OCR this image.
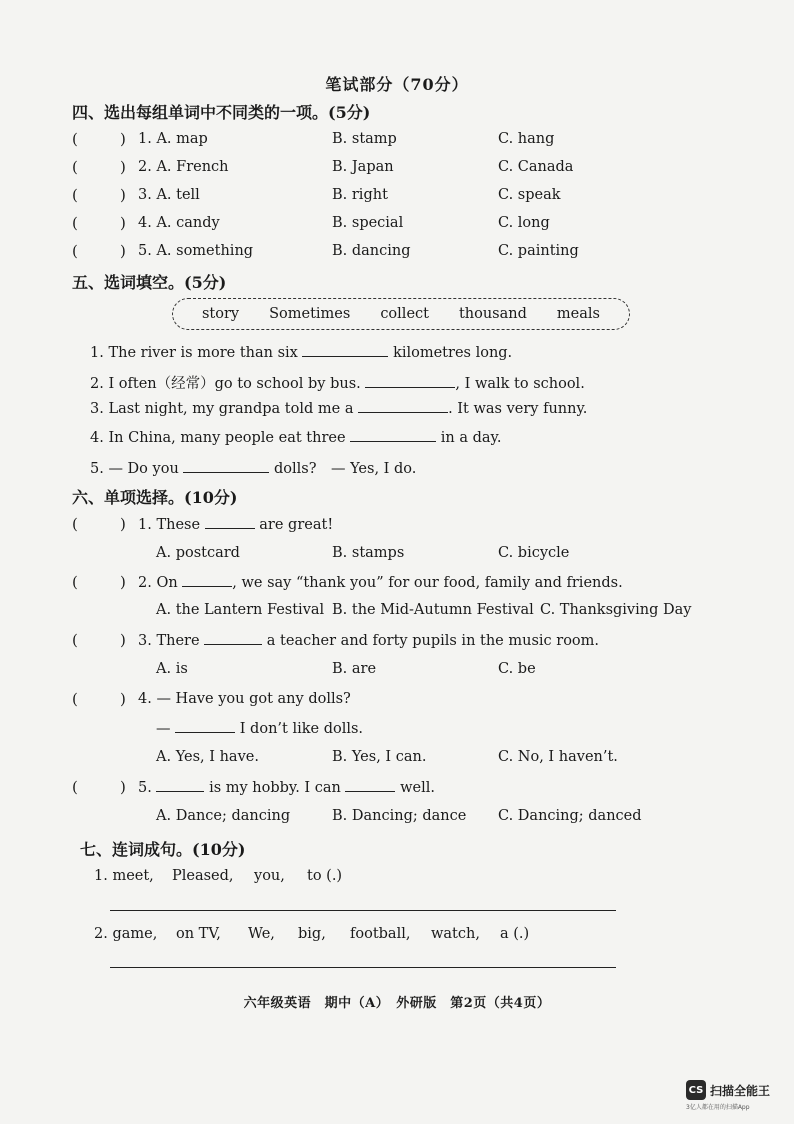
笔试部分（70分）
四、选出每组单词中不同类的一项。(5分)
(	) 1. A. map	B. stamp	C. hang
(	) 2. A. French	B. Japan	C. Canada
(	) 3. A. tell	B. right	C. speak
(	) 4. A. candy	B. special	C. long
(	) 5. A. something	B. dancing	C. painting
五、选词填空。(5分)
story Sometimes collect thousand meals
1. The river is more than six	kilometres long.
2. I often（经常）go to school by bus.	, I walk to school.
3. Last night, my grandpa told me a	. It was very funny.
4. In China, many people eat three	in a day.
5. — Do you	dolls?　— Yes, I do.
六、单项选择。(10分)
(	) 1. These	are great!
A. postcard	B. stamps	C. bicycle
(	) 2. On	, we say “thank you” for our food, family and friends.
A. the Lantern Festival B. the Mid-Autumn Festival C. Thanksgiving Day
(	) 3. There	a teacher and forty pupils in the music room.
A. is	B. are	C. be
(	) 4. — Have you got any dolls?
—	I don’t like dolls.
A. Yes, I have.	B. Yes, I can.	C. No, I haven’t.
(	) 5.	is my hobby. I can	well.
A. Dance; dancing	B. Dancing; dance C. Dancing; danced
七、连词成句。(10分)
1. meet, Pleased, you, to (.)
2. game, on TV, We, big, football, watch, a (.)
六年级英语　期中（A）　外研版　第2页（共4页）
CS 扫描全能王
3亿人都在用的扫描App
